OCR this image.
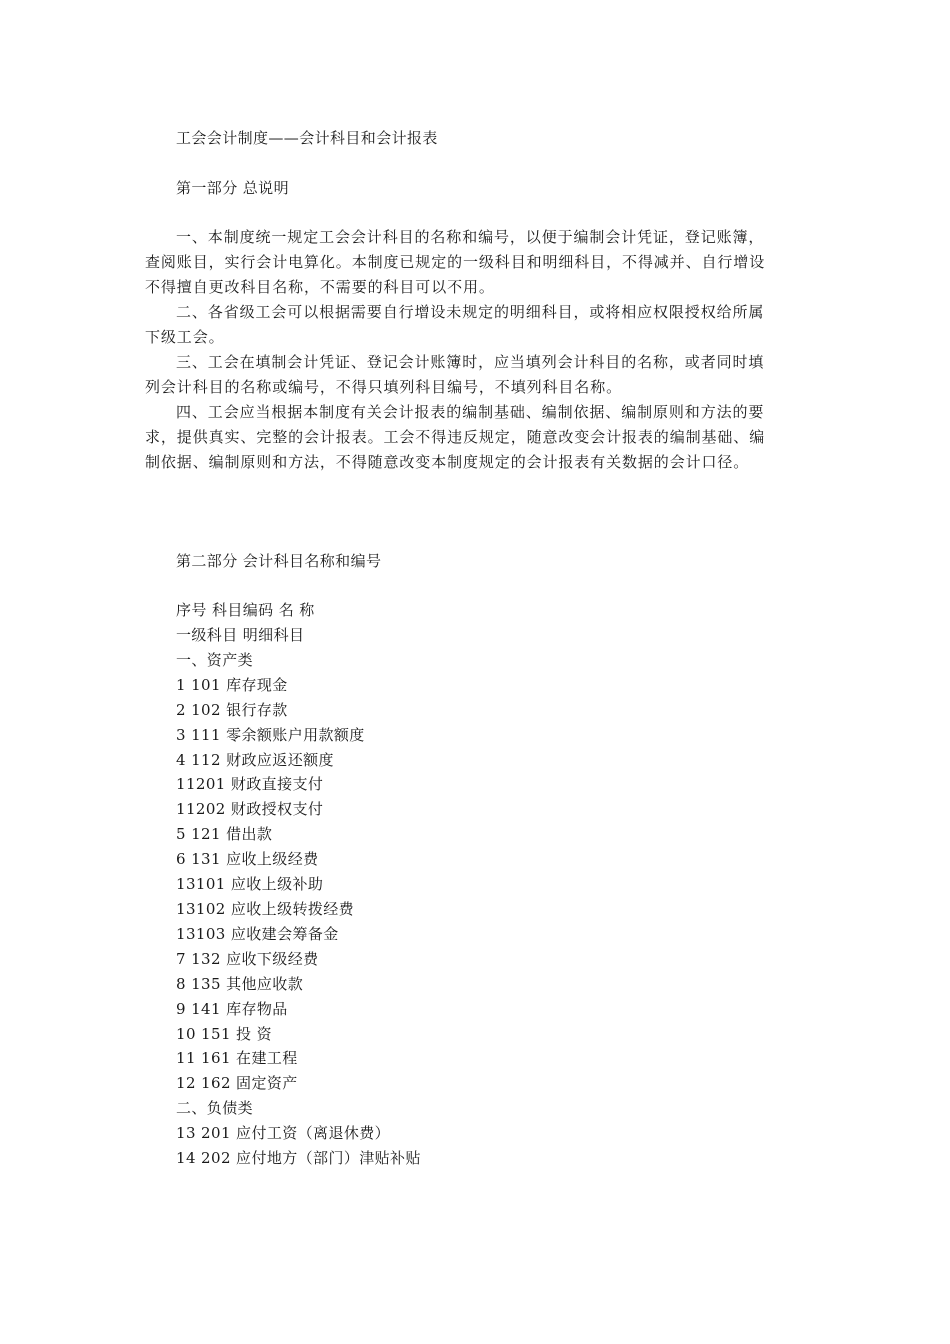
工会会计制度——会计科目和会计报表
第一部分 总说明
一、本制度统一规定工会会计科目的名称和编号，以便于编制会计凭证，登记账簿，
查阅账目，实行会计电算化。本制度已规定的一级科目和明细科目，不得减并、自行增设
不得擅自更改科目名称，不需要的科目可以不用。
二、各省级工会可以根据需要自行增设未规定的明细科目，或将相应权限授权给所属
下级工会。
三、工会在填制会计凭证、登记会计账簿时，应当填列会计科目的名称，或者同时填
列会计科目的名称或编号，不得只填列科目编号，不填列科目名称。
四、工会应当根据本制度有关会计报表的编制基础、编制依据、编制原则和方法的要
求，提供真实、完整的会计报表。工会不得违反规定，随意改变会计报表的编制基础、编
制依据、编制原则和方法，不得随意改变本制度规定的会计报表有关数据的会计口径。
第二部分 会计科目名称和编号
序号 科目编码 名 称
一级科目 明细科目
一、资产类
1 101 库存现金
2 102 银行存款
3 111 零余额账户用款额度
4 112 财政应返还额度
11201 财政直接支付
11202 财政授权支付
5 121 借出款
6 131 应收上级经费
13101 应收上级补助
13102 应收上级转拨经费
13103 应收建会筹备金
7 132 应收下级经费
8 135 其他应收款
9 141 库存物品
10 151 投 资
11 161 在建工程
12 162 固定资产
二、负债类
13 201 应付工资（离退休费）
14 202 应付地方（部门）津贴补贴
